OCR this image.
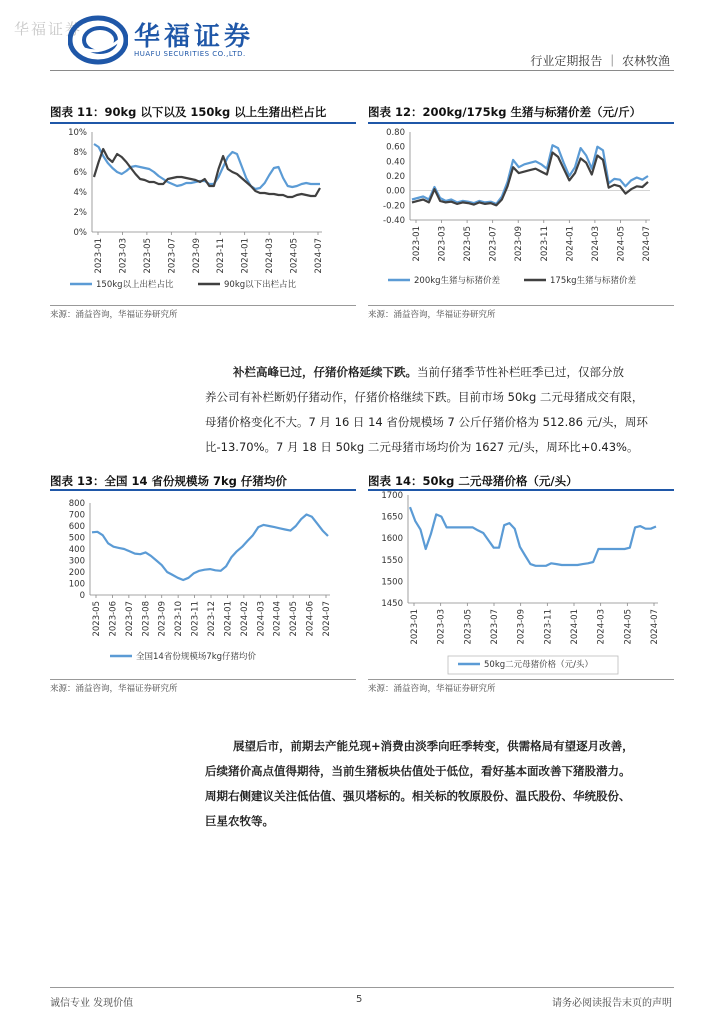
华福证券 华福证券
HUAFU SECURITIES CO.,LTD.	行业定期报告 ｜ 农林牧渔
图表 11：90kg 以下以及 150kg 以上生猪出栏占比
0%
2%
4%
6%
8%
10%
2023-01 2023-03 2023-05 2023-07 2023-09 2023-11 2024-01 2024-03 2024-05 2024-07
150kg以上出栏占比	90kg以下出栏占比
来源：涌益咨询，华福证券研究所
图表 12：200kg/175kg 生猪与标猪价差（元/斤）
-0.40
-0.20
0.00
0.20
0.40
0.60
0.80
2023-01 2023-03 2023-05 2023-07 2023-09 2023-11 2024-01 2024-03 2024-05 2024-07
200kg生猪与标猪价差	175kg生猪与标猪价差
来源：涌益咨询，华福证券研究所
补栏高峰已过，仔猪价格延续下跌。当前仔猪季节性补栏旺季已过，仅部分放
养公司有补栏断奶仔猪动作，仔猪价格继续下跌。目前市场 50kg 二元母猪成交有限，
母猪价格变化不大。7 月 16 日 14 省份规模场 7 公斤仔猪价格为 512.86 元/头，周环
比-13.70%。7 月 18 日 50kg 二元母猪市场均价为 1627 元/头，周环比+0.43%。
图表 13：全国 14 省份规模场 7kg 仔猪均价
0
100
200
300
400
500
600
700
800
2023-05 2023-06 2023-07 2023-08 2023-09 2023-10 2023-11 2023-12 2024-01 2024-02 2024-03 2024-04 2024-05 2024-06 2024-07
全国14省份规模场7kg仔猪均价
来源：涌益咨询，华福证券研究所
图表 14：50kg 二元母猪价格（元/头）
1450
1500
1550
1600
1650
1700
2023-01 2023-03 2023-05 2023-07 2023-09 2023-11 2024-01 2024-03 2024-05 2024-07
50kg二元母猪价格（元/头）
来源：涌益咨询，华福证券研究所
展望后市，前期去产能兑现+消费由淡季向旺季转变，供需格局有望逐月改善，
后续猪价高点值得期待，当前生猪板块估值处于低位，看好基本面改善下猪股潜力。
周期右侧建议关注低估值、强贝塔标的。相关标的牧原股份、温氏股份、华统股份、
巨星农牧等。
诚信专业 发现价值	5	请务必阅读报告末页的声明
